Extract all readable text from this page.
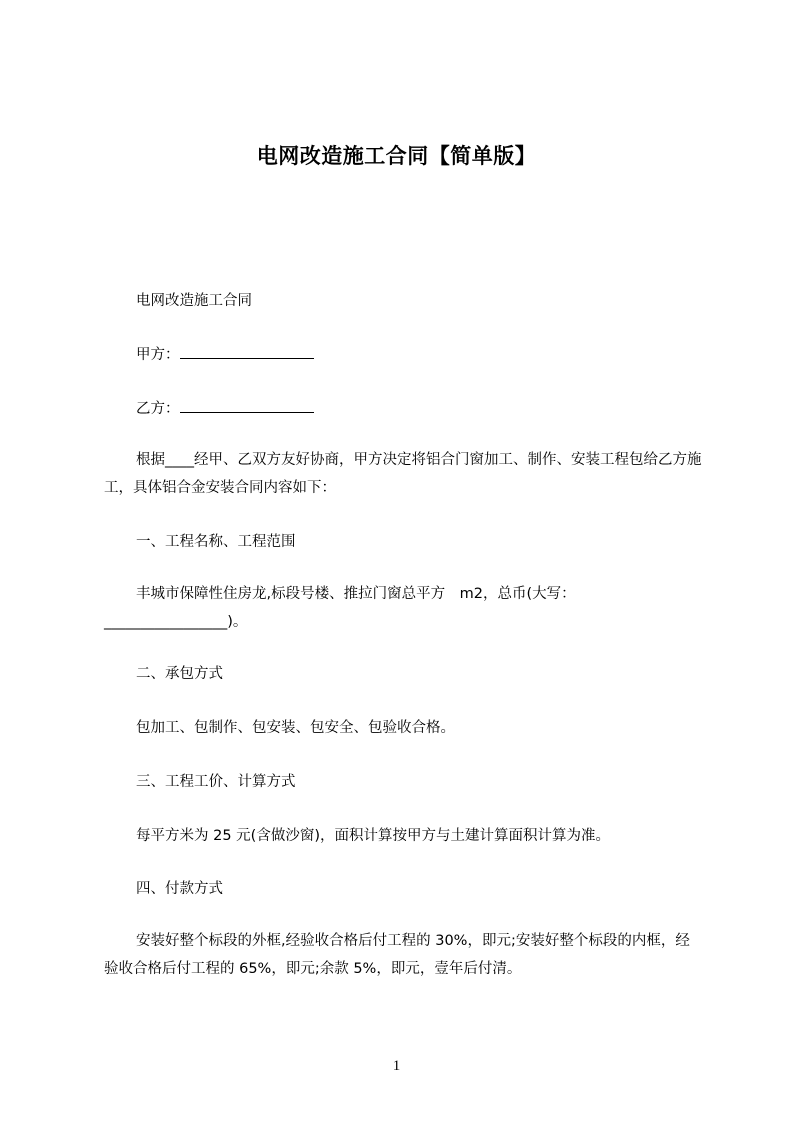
电网改造施工合同【简单版】
电网改造施工合同
甲方：
乙方：
根据____经甲、乙双方友好协商，甲方决定将铝合门窗加工、制作、安装工程包给乙方施工，具体铝合金安装合同内容如下：
一、工程名称、工程范围
丰城市保障性住房龙,标段号楼、推拉门窗总平方　m2，总币(大写：_________________)。
二、承包方式
包加工、包制作、包安装、包安全、包验收合格。
三、工程工价、计算方式
每平方米为 25 元(含做沙窗)，面积计算按甲方与土建计算面积计算为准。
四、付款方式
安装好整个标段的外框,经验收合格后付工程的 30%，即元;安装好整个标段的内框，经验收合格后付工程的 65%，即元;余款 5%，即元，壹年后付清。
1
